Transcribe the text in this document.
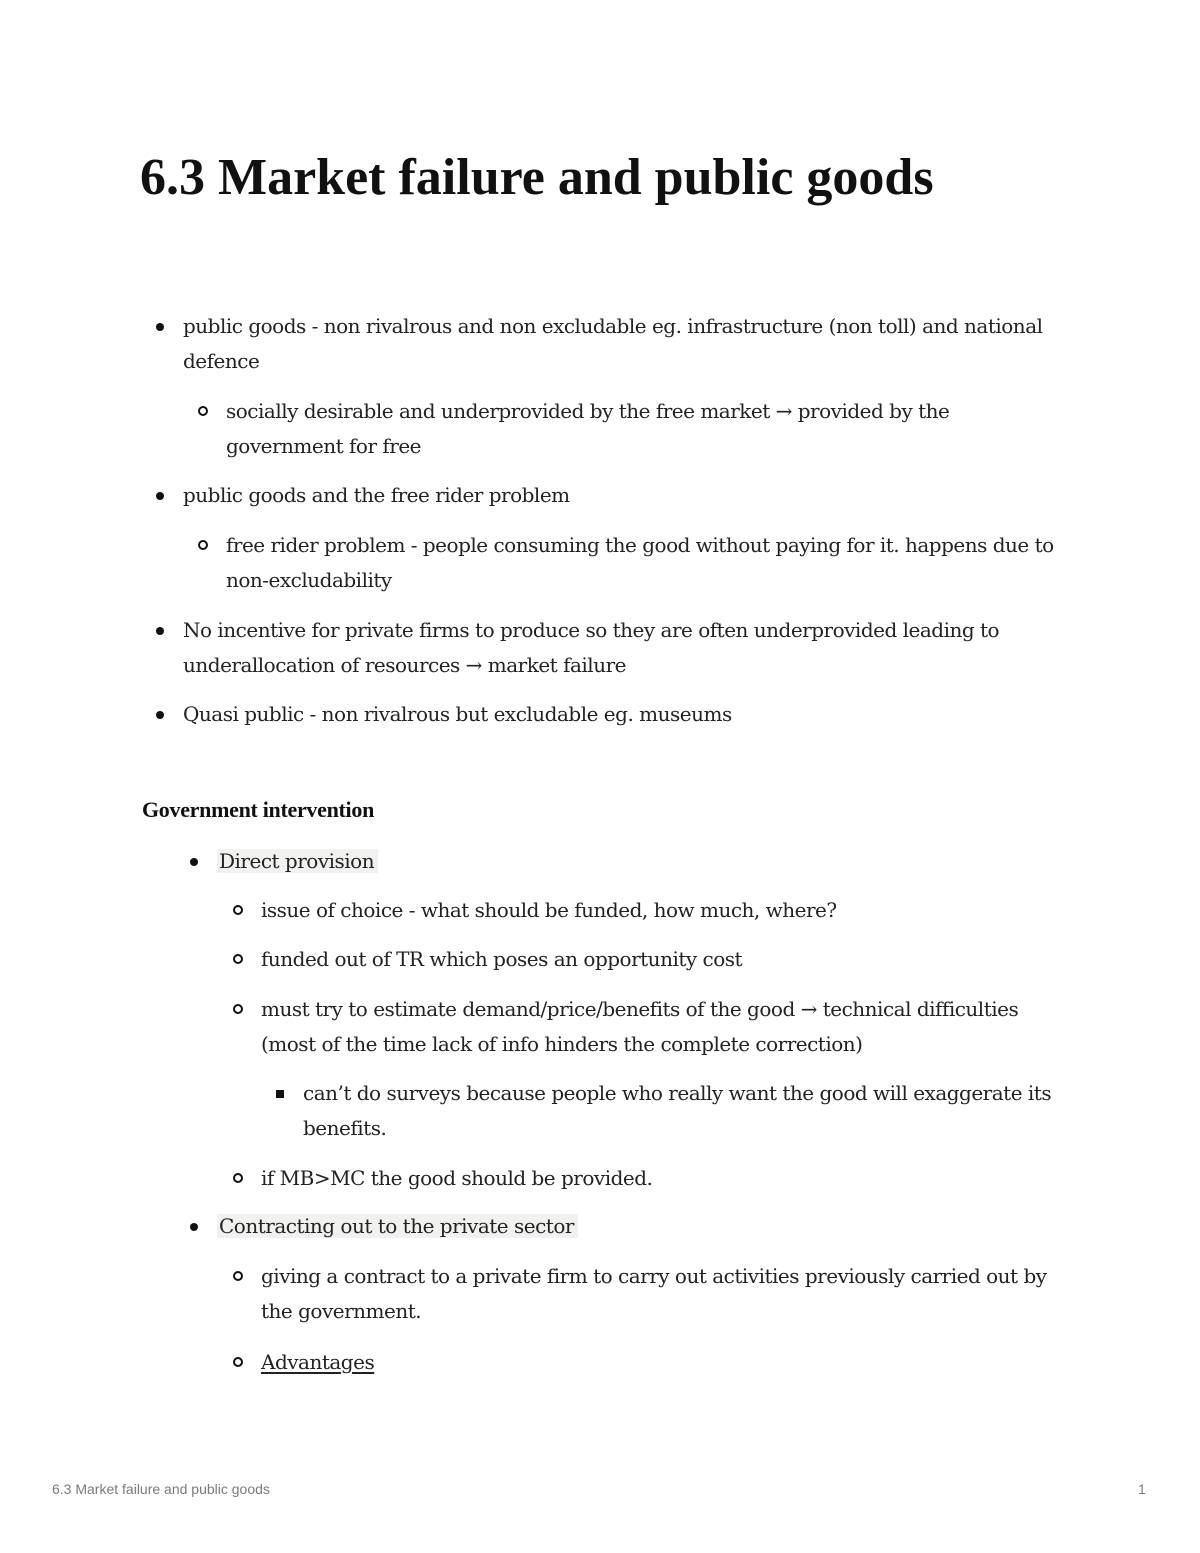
6.3 Market failure and public goods
public goods - non rivalrous and non excludable eg. infrastructure (non toll) and national defence
socially desirable and underprovided by the free market → provided by the government for free
public goods and the free rider problem
free rider problem - people consuming the good without paying for it. happens due to non-excludability
No incentive for private firms to produce so they are often underprovided leading to underallocation of resources → market failure
Quasi public - non rivalrous but excludable eg. museums
Government intervention
Direct provision
issue of choice - what should be funded, how much, where?
funded out of TR which poses an opportunity cost
must try to estimate demand/price/benefits of the good → technical difficulties (most of the time lack of info hinders the complete correction)
can’t do surveys because people who really want the good will exaggerate its benefits.
if MB>MC the good should be provided.
Contracting out to the private sector
giving a contract to a private firm to carry out activities previously carried out by the government.
Advantages
6.3 Market failure and public goods	1
